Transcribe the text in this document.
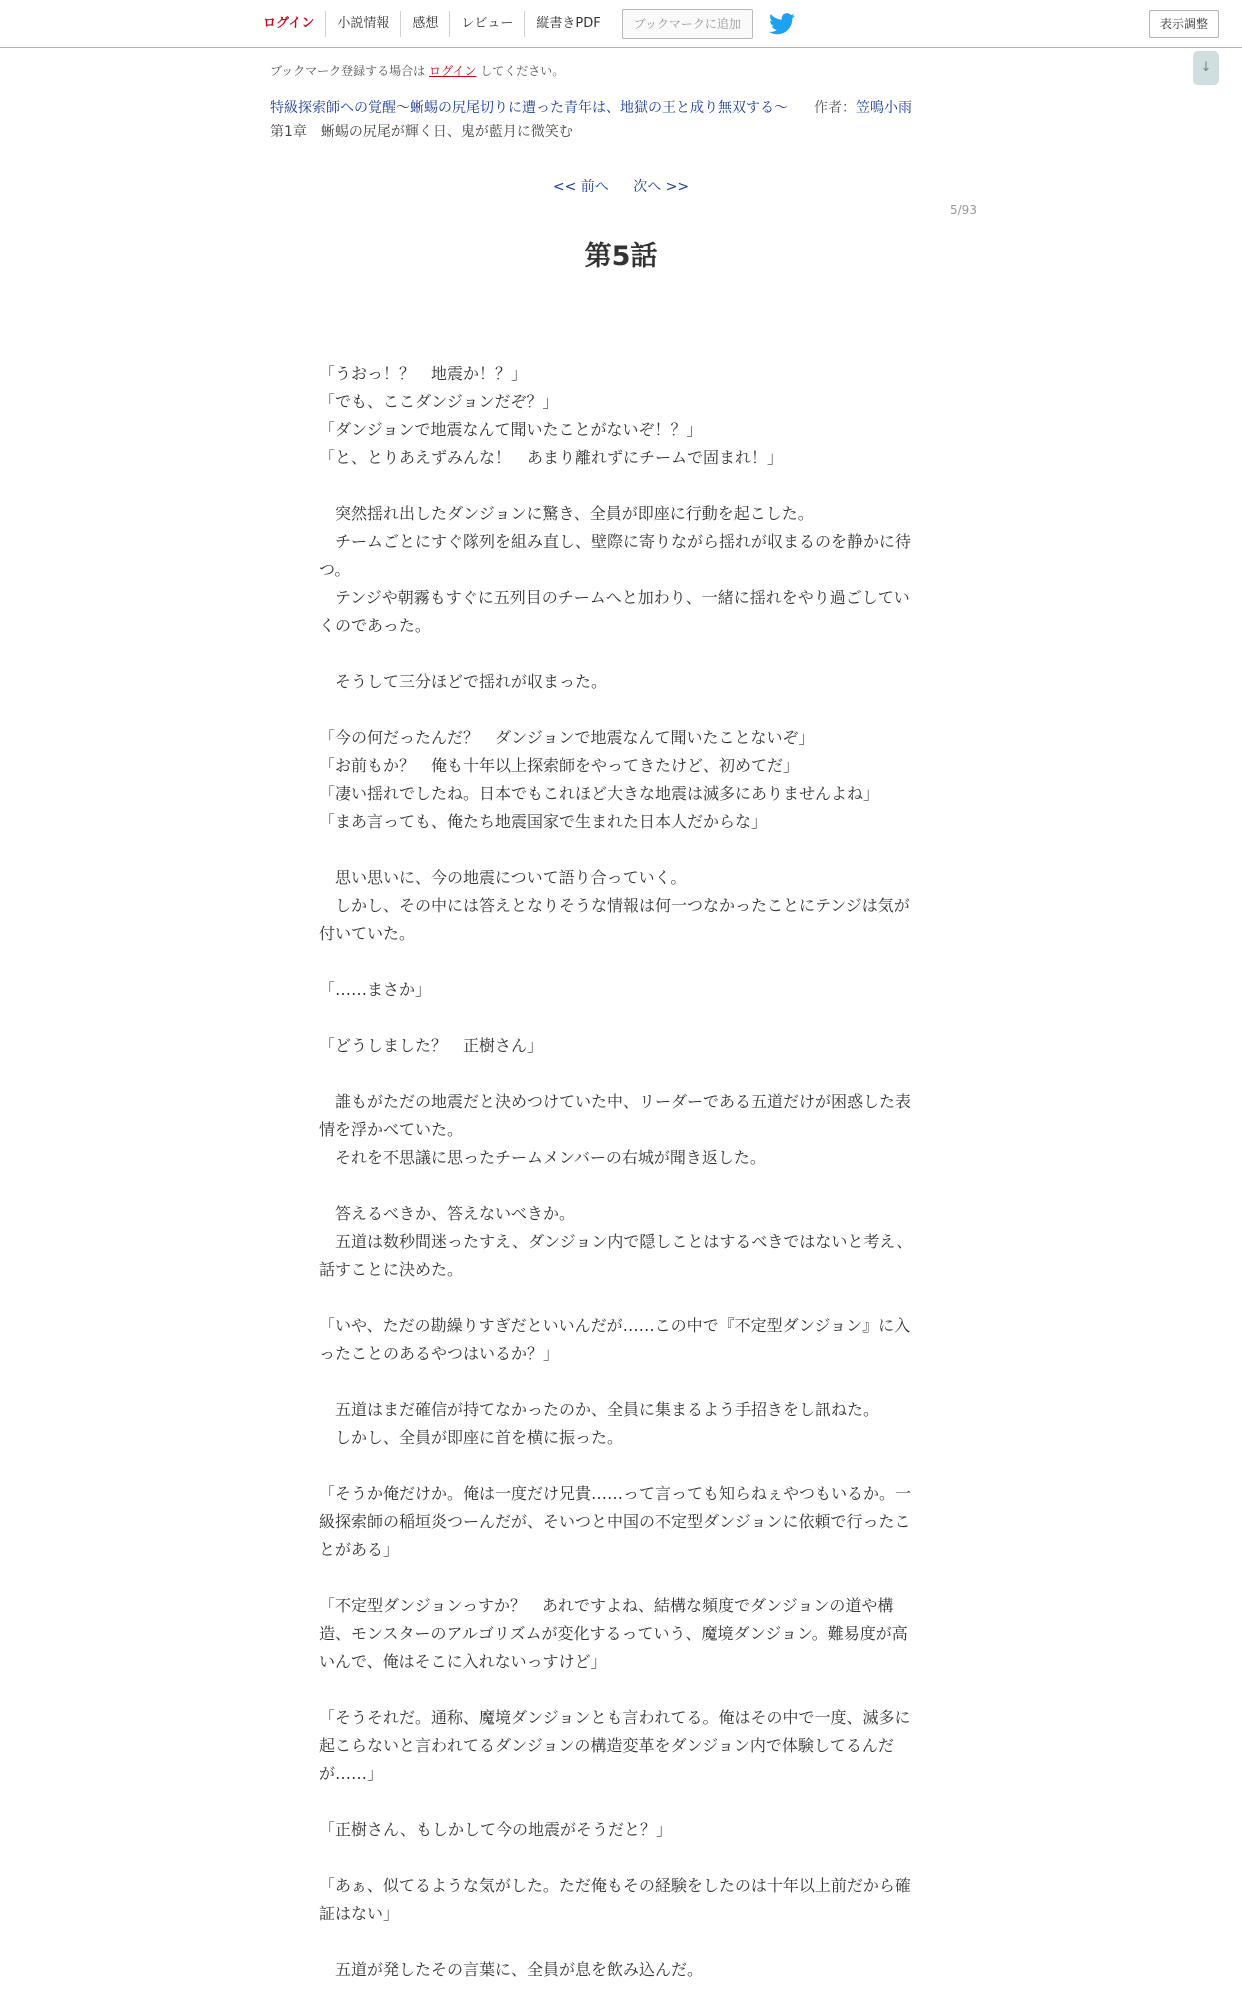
ログイン	小説情報	感想	レビュー	縦書きPDF	ブックマークに追加	表示調整
↓
ブックマーク登録する場合は ログイン してください。
特級探索師への覚醒～蜥蜴の尻尾切りに遭った青年は、地獄の王と成り無双する～ 作者：笠鳴小雨
第1章　蜥蜴の尻尾が輝く日、鬼が藍月に微笑む
<< 前へ 次へ >>
5/93
第5話

「うおっ！？　地震か！？」

「でも、ここダンジョンだぞ？」

「ダンジョンで地震なんて聞いたことがないぞ！？」

「と、とりあえずみんな！　あまり離れずにチームで固まれ！」

　突然揺れ出したダンジョンに驚き、全員が即座に行動を起こした。

　チームごとにすぐ隊列を組み直し、壁際に寄りながら揺れが収まるのを静かに待つ。

　テンジや朝霧もすぐに五列目のチームへと加わり、一緒に揺れをやり過ごしていくのであった。

　そうして三分ほどで揺れが収まった。

「今の何だったんだ？　ダンジョンで地震なんて聞いたことないぞ」

「お前もか？　俺も十年以上探索師をやってきたけど、初めてだ」

「凄い揺れでしたね。日本でもこれほど大きな地震は滅多にありませんよね」

「まあ言っても、俺たち地震国家で生まれた日本人だからな」

　思い思いに、今の地震について語り合っていく。

　しかし、その中には答えとなりそうな情報は何一つなかったことにテンジは気が付いていた。

「……まさか」

「どうしました？　正樹さん」

　誰もがただの地震だと決めつけていた中、リーダーである五道だけが困惑した表情を浮かべていた。

　それを不思議に思ったチームメンバーの右城が聞き返した。

　答えるべきか、答えないべきか。

　五道は数秒間迷ったすえ、ダンジョン内で隠しことはするべきではないと考え、話すことに決めた。

「いや、ただの勘繰りすぎだといいんだが……この中で『不定型ダンジョン』に入ったことのあるやつはいるか？」

　五道はまだ確信が持てなかったのか、全員に集まるよう手招きをし訊ねた。

　しかし、全員が即座に首を横に振った。

「そうか俺だけか。俺は一度だけ兄貴……って言っても知らねぇやつもいるか。一級探索師の稲垣炎つーんだが、そいつと中国の不定型ダンジョンに依頼で行ったことがある」

「不定型ダンジョンっすか？　あれですよね、結構な頻度でダンジョンの道や構造、モンスターのアルゴリズムが変化するっていう、魔境ダンジョン。難易度が高いんで、俺はそこに入れないっすけど」

「そうそれだ。通称、魔境ダンジョンとも言われてる。俺はその中で一度、滅多に起こらないと言われてるダンジョンの構造変革をダンジョン内で体験してるんだが……」

「正樹さん、もしかして今の地震がそうだと？」

「あぁ、似てるような気がした。ただ俺もその経験をしたのは十年以上前だから確証はない」

　五道が発したその言葉に、全員が息を飲み込んだ。
